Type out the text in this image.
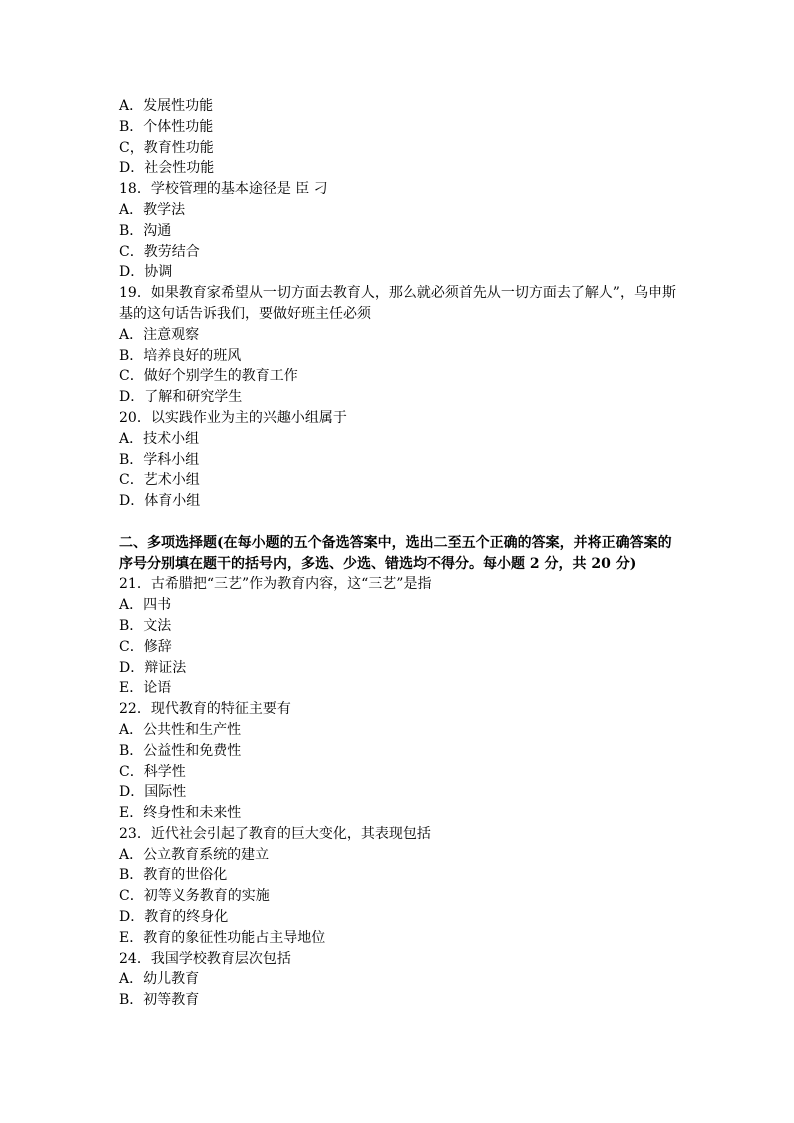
A．发展性功能
B．个体性功能
C，教育性功能
D．社会性功能
18．学校管理的基本途径是 臣 刁
A．教学法
B．沟通
C．教劳结合
D．协调
19．如果教育家希望从一切方面去教育人，那么就必须首先从一切方面去了解人”，乌申斯
基的这句话告诉我们，要做好班主任必须
A．注意观察
B．培养良好的班风
C．做好个别学生的教育工作
D．了解和研究学生
20．以实践作业为主的兴趣小组属于
A．技术小组
B．学科小组
C．艺术小组
D．体育小组
二、多项选择题(在每小题的五个备选答案中，选出二至五个正确的答案，并将正确答案的
序号分别填在题干的括号内，多选、少选、错选均不得分。每小题 2 分，共 20 分)
21．古希腊把“三艺”作为教育内容，这“三艺”是指
A．四书
B．文法
C．修辞
D．辩证法
E．论语
22．现代教育的特征主要有
A．公共性和生产性
B．公益性和免费性
C．科学性
D．国际性
E．终身性和未来性
23．近代社会引起了教育的巨大变化，其表现包括
A．公立教育系统的建立
B．教育的世俗化
C．初等义务教育的实施
D．教育的终身化
E．教育的象征性功能占主导地位
24．我国学校教育层次包括
A．幼儿教育
B．初等教育
